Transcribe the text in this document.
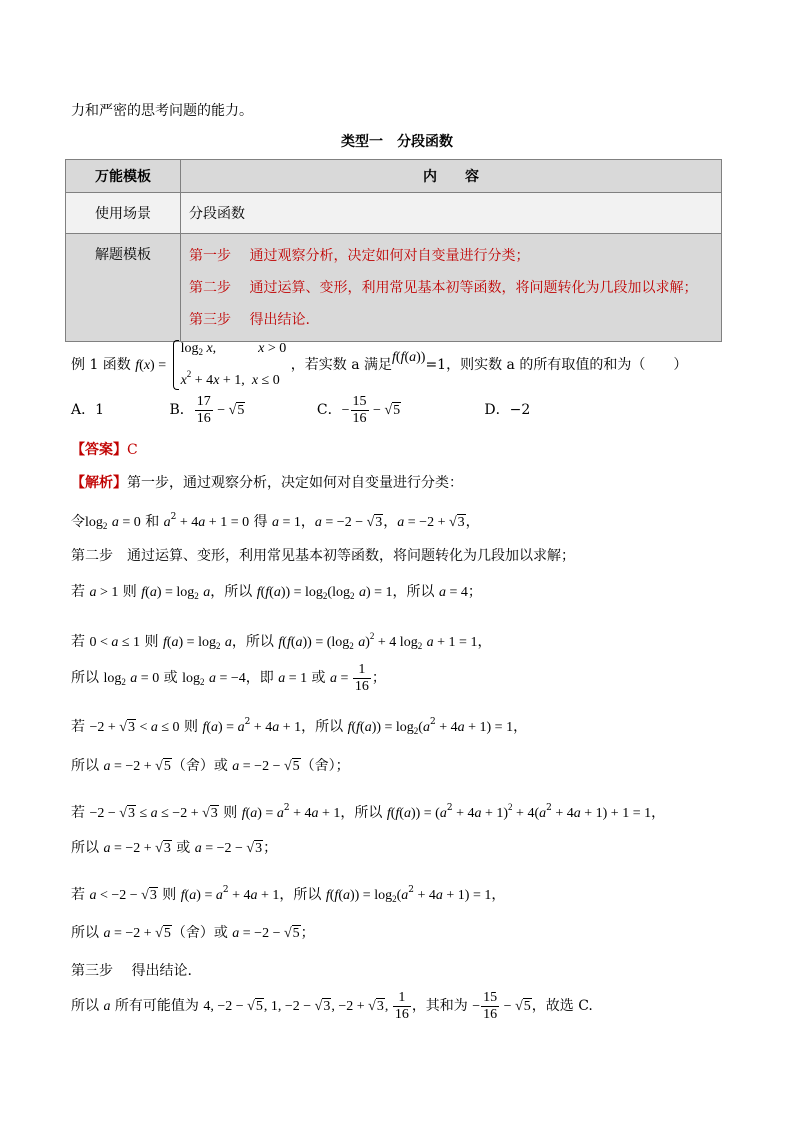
力和严密的思考问题的能力。
类型一　分段函数
万能模板	内　　容
使用场景	分段函数
解题模板	第一步　 通过观察分析，决定如何对自变量进行分类；
第二步　 通过运算、变形，利用常见基本初等函数，将问题转化为几段加以求解；
第三步　 得出结论.
例 1 函数 f(x) =
$\log_2 x$,            x > 0
$x^2 + 4x + 1$,  x ≤ 0
，若实数 a 满足f(f(a))=1，则实数 a 的所有取值的和为（　　）
A．1	B． $\frac{17}{16} - √5$	C．− $\frac{15}{16} - √5$	D．−2
【答案】C
【解析】第一步，通过观察分析，决定如何对自变量进行分类：
令$\log_2 a = 0$ 和 $a^2 + 4a + 1 = 0$ 得 a = 1，a = −2 − √3，a = −2 + √3，
第二步　通过运算、变形，利用常见基本初等函数，将问题转化为几段加以求解；
若 a > 1 则 $f(a) = \log_2 a$，所以 $f(f(a)) = \log_2(\log_2$ a) = 1，所以 a = 4；
若 0 < a ≤ 1 则 $f(a) = \log_2 a$，所以 $f(f(a)) = (\log_2$ a)$^2$ + 4 $\log_2 a + 1 = 1$，
所以 $\log_2 a = 0$ 或 $\log_2 a = -4$，即 a = 1 或 $a = \frac{1}{16}$ ；
若 −2 + √3 < a ≤ 0 则 $f(a) = a^2 + 4a + 1$，所以 $f(f(a)) = \log_2(a^2 + 4a + 1) = 1$，
所以 a = −2 + √5（舍）或 a = −2 − √5（舍）；
若 −2 − √3 ≤ a ≤ −2 + √3 则 $f(a) = a^2 + 4a + 1$，所以 $f(f(a)) = (a^2 + 4a + 1)^2 + 4(a^2 + 4a + 1) + 1 = 1$，
所以 a = −2 + √3 或 a = −2 − √3；
若 a < −2 − √3 则 $f(a) = a^2 + 4a + 1$，所以 $f(f(a)) = \log_2(a^2 + 4a + 1) = 1$，
所以 a = −2 + √5（舍）或 a = −2 − √5；
第三步　 得出结论.
所以 a 所有可能值为 4, −2 − √5, 1, −2 − √3, −2 + √3, $\frac{1}{16}$ ，其和为 − $\frac{15}{16} - √5$，故选 C.
